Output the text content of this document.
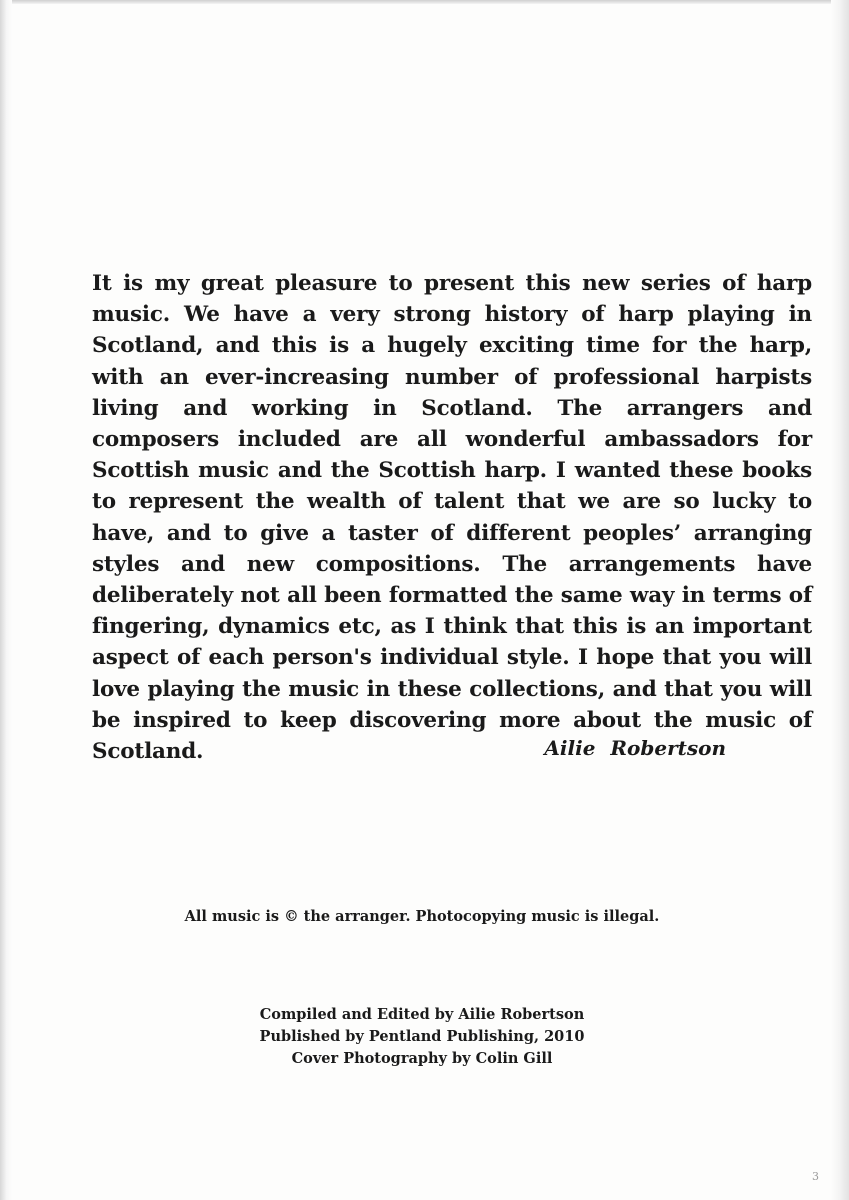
It is my great pleasure to present this new series of harp music. We have a very strong history of harp playing in Scotland, and this is a hugely exciting time for the harp, with an ever-increasing number of professional harpists living and working in Scotland. The arrangers and composers included are all wonderful ambassadors for Scottish music and the Scottish harp. I wanted these books to represent the wealth of talent that we are so lucky to have, and to give a taster of different peoples’ arranging styles and new compositions. The arrangements have deliberately not all been formatted the same way in terms of fingering, dynamics etc, as I think that this is an important aspect of each person's individual style. I hope that you will love playing the music in these collections, and that you will be inspired to keep discovering more about the music of Scotland.	Ailie Robertson
All music is © the arranger. Photocopying music is illegal.
Compiled and Edited by Ailie Robertson
Published by Pentland Publishing, 2010
Cover Photography by Colin Gill
3
